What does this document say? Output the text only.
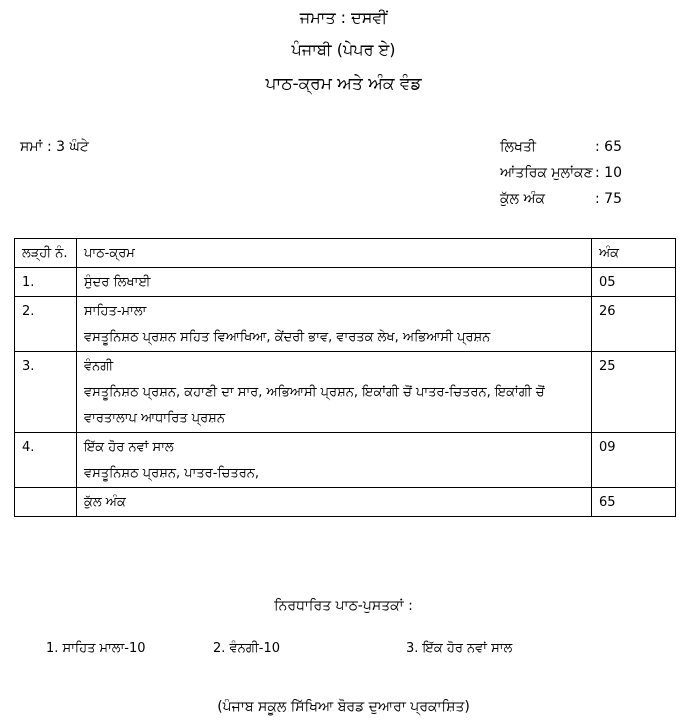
ਜਮਾਤ : ਦਸਵੀਂ
ਪੰਜਾਬੀ (ਪੇਪਰ ਏ)
ਪਾਠ-ਕ੍ਰਮ ਅਤੇ ਅੰਕ ਵੰਡ
ਸਮਾਂ : 3 ਘੰਟੇ	ਲਿਖਤੀ	: 65
ਆਂਤਰਿਕ ਮੁਲਾਂਕਣ : 10
ਕੁੱਲ ਅੰਕ	: 75
ਲੜ੍ਹੀ ਨੰ.	ਪਾਠ-ਕ੍ਰਮ	ਅੰਕ
1.	ਸੁੰਦਰ ਲਿਖਾਈ	05
2.	ਸਾਹਿਤ-ਮਾਲਾ
ਵਸਤੂਨਿਸ਼ਠ ਪ੍ਰਸ਼ਨ ਸਹਿਤ ਵਿਆਖਿਆ, ਕੇਂਦਰੀ ਭਾਵ, ਵਾਰਤਕ ਲੇਖ, ਅਭਿਆਸੀ ਪ੍ਰਸ਼ਨ	26
3.	ਵੰਨਗੀ
ਵਸਤੂਨਿਸ਼ਠ ਪ੍ਰਸ਼ਨ, ਕਹਾਣੀ ਦਾ ਸਾਰ, ਅਭਿਆਸੀ ਪ੍ਰਸ਼ਨ, ਇਕਾਂਗੀ ਚੋਂ ਪਾਤਰ-ਚਿਤਰਨ, ਇਕਾਂਗੀ ਚੋਂ
ਵਾਰਤਾਲਾਪ ਆਧਾਰਿਤ ਪ੍ਰਸ਼ਨ	25
4.	ਇੱਕ ਹੋਰ ਨਵਾਂ ਸਾਲ
ਵਸਤੂਨਿਸ਼ਠ ਪ੍ਰਸ਼ਨ, ਪਾਤਰ-ਚਿਤਰਨ,	09
	ਕੁੱਲ ਅੰਕ	65
ਨਿਰਧਾਰਿਤ ਪਾਠ-ਪੁਸਤਕਾਂ :
1. ਸਾਹਿਤ ਮਾਲਾ-10	2. ਵੰਨਗੀ-10	3. ਇੱਕ ਹੋਰ ਨਵਾਂ ਸਾਲ
(ਪੰਜਾਬ ਸਕੂਲ ਸਿੱਖਿਆ ਬੋਰਡ ਦੁਆਰਾ ਪ੍ਰਕਾਸ਼ਿਤ)
